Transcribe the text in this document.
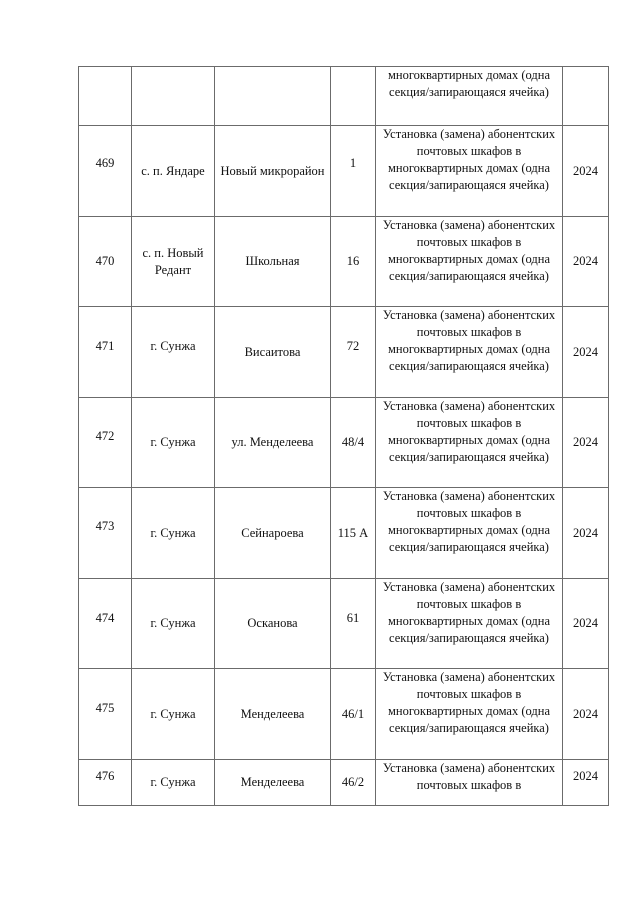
				многоквартирных домах (одна
секция/запирающаяся ячейка)	

469	с. п. Яндаре	Новый микрорайон	1	Установка (замена) абонентских
почтовых шкафов в
многоквартирных домах (одна
секция/запирающаяся ячейка)	2024
470	с. п. Новый
Редант	Школьная	16	Установка (замена) абонентских
почтовых шкафов в
многоквартирных домах (одна
секция/запирающаяся ячейка)	2024
471	г. Сунжа	Висаитова	72	Установка (замена) абонентских
почтовых шкафов в
многоквартирных домах (одна
секция/запирающаяся ячейка)	2024
472	г. Сунжа	ул. Менделеева	48/4	Установка (замена) абонентских
почтовых шкафов в
многоквартирных домах (одна
секция/запирающаяся ячейка)	2024
473	г. Сунжа	Сейнароева	115 А	Установка (замена) абонентских
почтовых шкафов в
многоквартирных домах (одна
секция/запирающаяся ячейка)	2024
474	г. Сунжа	Осканова	61	Установка (замена) абонентских
почтовых шкафов в
многоквартирных домах (одна
секция/запирающаяся ячейка)	2024
475	г. Сунжа	Менделеева	46/1	Установка (замена) абонентских
почтовых шкафов в
многоквартирных домах (одна
секция/запирающаяся ячейка)	2024
476	г. Сунжа	Менделеева	46/2	Установка (замена) абонентских
почтовых шкафов в	2024
